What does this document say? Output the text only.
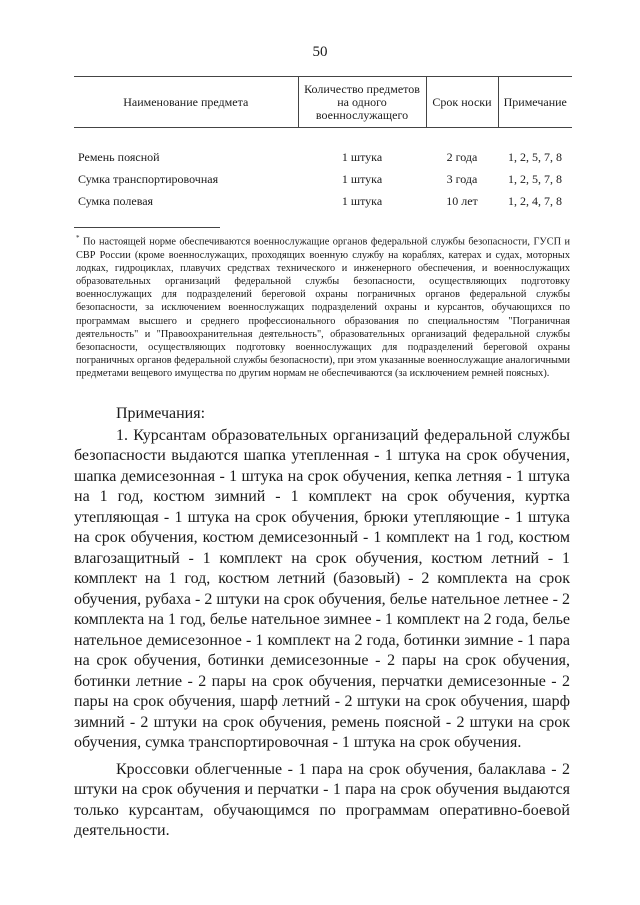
50
Наименование предмета	Количество предметов на одного военнослужащего	Срок носки	Примечание
Ремень поясной	1 штука	2 года	1, 2, 5, 7, 8
Сумка транспортировочная	1 штука	3 года	1, 2, 5, 7, 8
Сумка полевая	1 штука	10 лет	1, 2, 4, 7, 8
* По настоящей норме обеспечиваются военнослужащие органов федеральной службы безопасности, ГУСП и СВР России (кроме военнослужащих, проходящих военную службу на кораблях, катерах и судах, моторных лодках, гидроциклах, плавучих средствах технического и инженерного обеспечения, и военнослужащих образовательных организаций федеральной службы безопасности, осуществляющих подготовку военнослужащих для подразделений береговой охраны пограничных органов федеральной службы безопасности, за исключением военнослужащих подразделений охраны и курсантов, обучающихся по программам высшего и среднего профессионального образования по специальностям "Пограничная деятельность" и "Правоохранительная деятельность", образовательных организаций федеральной службы безопасности, осуществляющих подготовку военнослужащих для подразделений береговой охраны пограничных органов федеральной службы безопасности), при этом указанные военнослужащие аналогичными предметами вещевого имущества по другим нормам не обеспечиваются (за исключением ремней поясных).
Примечания:

1. Курсантам образовательных организаций федеральной службы безопасности выдаются шапка утепленная - 1 штука на срок обучения, шапка демисезонная - 1 штука на срок обучения, кепка летняя - 1 штука на 1 год, костюм зимний - 1 комплект на срок обучения, куртка утепляющая - 1 штука на срок обучения, брюки утепляющие - 1 штука на срок обучения, костюм демисезонный - 1 комплект на 1 год, костюм влагозащитный - 1 комплект на срок обучения, костюм летний - 1 комплект на 1 год, костюм летний (базовый) - 2 комплекта на срок обучения, рубаха - 2 штуки на срок обучения, белье нательное летнее - 2 комплекта на 1 год, белье нательное зимнее - 1 комплект на 2 года, белье нательное демисезонное - 1 комплект на 2 года, ботинки зимние - 1 пара на срок обучения, ботинки демисезонные - 2 пары на срок обучения, ботинки летние - 2 пары на срок обучения, перчатки демисезонные - 2 пары на срок обучения, шарф летний - 2 штуки на срок обучения, шарф зимний - 2 штуки на срок обучения, ремень поясной - 2 штуки на срок обучения, сумка транспортировочная - 1 штука на срок обучения.

Кроссовки облегченные - 1 пара на срок обучения, балаклава - 2 штуки на срок обучения и перчатки - 1 пара на срок обучения выдаются только курсантам, обучающимся по программам оперативно-боевой деятельности.
